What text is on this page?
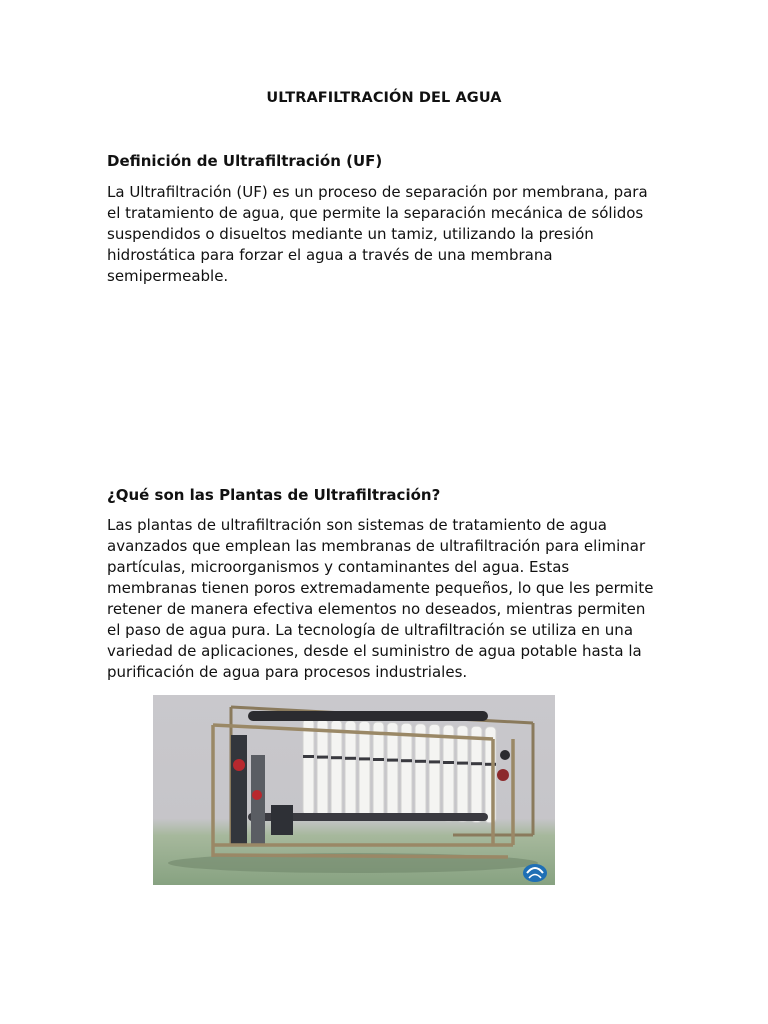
ULTRAFILTRACIÓN DEL AGUA
Definición de Ultrafiltración (UF)
La Ultrafiltración (UF) es un proceso de separación por membrana, para
el tratamiento de agua, que permite la separación mecánica de sólidos
suspendidos o disueltos mediante un tamiz, utilizando la presión
hidrostática para forzar el agua a través de una membrana
semipermeable.
¿Qué son las Plantas de Ultrafiltración?
Las plantas de ultrafiltración son sistemas de tratamiento de agua
avanzados que emplean las membranas de ultrafiltración para eliminar
partículas, microorganismos y contaminantes del agua. Estas
membranas tienen poros extremadamente pequeños, lo que les permite
retener de manera efectiva elementos no deseados, mientras permiten
el paso de agua pura. La tecnología de ultrafiltración se utiliza en una
variedad de aplicaciones, desde el suministro de agua potable hasta la
purificación de agua para procesos industriales.
